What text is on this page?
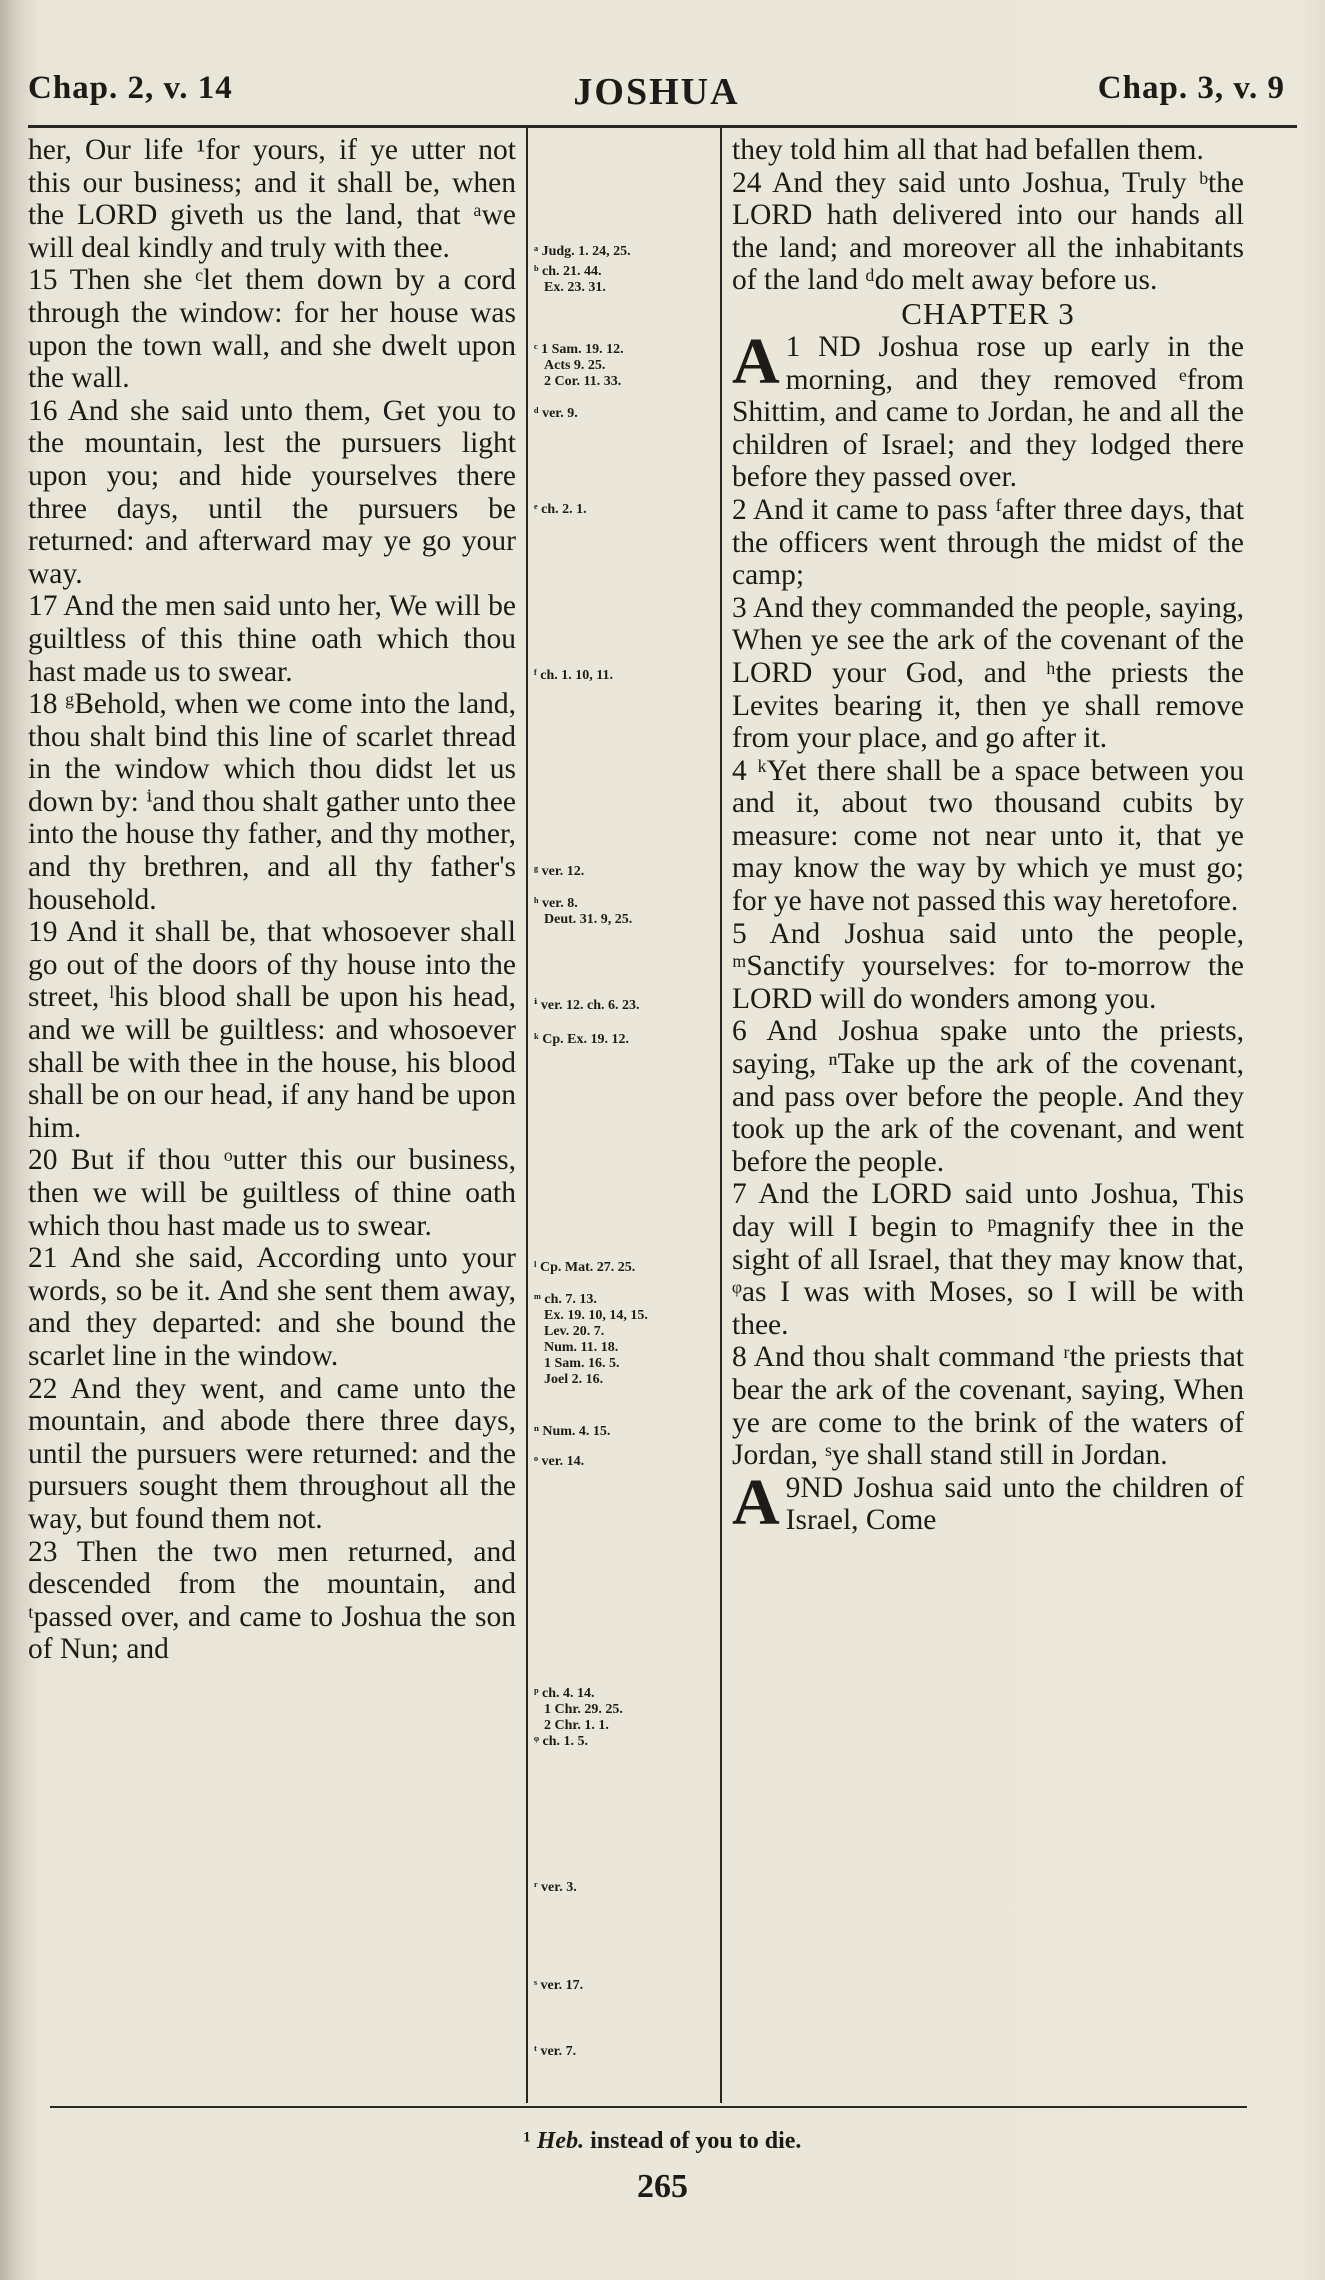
Chap. 2, v. 14	JOSHUA	Chap. 3, v. 9

her, Our life ¹for yours, if ye utter not this our business; and it shall be, when the LORD giveth us the land, that ᵃwe will deal kindly and truly with thee.

15 Then she ᶜlet them down by a cord through the window: for her house was upon the town wall, and she dwelt upon the wall.

16 And she said unto them, Get you to the mountain, lest the pursuers light upon you; and hide yourselves there three days, until the pursuers be returned: and afterward may ye go your way.

17 And the men said unto her, We will be guiltless of this thine oath which thou hast made us to swear.

18 ᵍBehold, when we come into the land, thou shalt bind this line of scarlet thread in the window which thou didst let us down by: ⁱand thou shalt gather unto thee into the house thy father, and thy mother, and thy brethren, and all thy father's household.

19 And it shall be, that whosoever shall go out of the doors of thy house into the street, ˡhis blood shall be upon his head, and we will be guiltless: and whosoever shall be with thee in the house, his blood shall be on our head, if any hand be upon him.

20 But if thou ᵒutter this our business, then we will be guiltless of thine oath which thou hast made us to swear.

21 And she said, According unto your words, so be it. And she sent them away, and they departed: and she bound the scarlet line in the window.

22 And they went, and came unto the mountain, and abode there three days, until the pursuers were returned: and the pursuers sought them throughout all the way, but found them not.

23 Then the two men returned, and descended from the mountain, and ᵗpassed over, and came to Joshua the son of Nun; and

ᵃ Judg. 1. 24, 25.
ᵇ ch. 21. 44.
Ex. 23. 31.
ᶜ 1 Sam. 19. 12.
Acts 9. 25.
2 Cor. 11. 33.
ᵈ ver. 9.
ᵉ ch. 2. 1.
ᶠ ch. 1. 10, 11.
ᵍ ver. 12.
ʰ ver. 8.
Deut. 31. 9, 25.
ⁱ ver. 12. ch. 6. 23.
ᵏ Cp. Ex. 19. 12.
ˡ Cp. Mat. 27. 25.
ᵐ ch. 7. 13.
Ex. 19. 10, 14, 15.
Lev. 20. 7.
Num. 11. 18.
1 Sam. 16. 5.
Joel 2. 16.
ⁿ Num. 4. 15.
ᵒ ver. 14.
ᵖ ch. 4. 14.
1 Chr. 29. 25.
2 Chr. 1. 1.
ᵠ ch. 1. 5.
ʳ ver. 3.
ˢ ver. 17.
ᵗ ver. 7.

they told him all that had befallen them.

24 And they said unto Joshua, Truly ᵇthe LORD hath delivered into our hands all the land; and moreover all the inhabitants of the land ᵈdo melt away before us.

CHAPTER 3

1
A ND Joshua rose up early in the morning, and they removed ᵉfrom Shittim, and came to Jordan, he and all the children of Israel; and they lodged there before they passed over.

2 And it came to pass ᶠafter three days, that the officers went through the midst of the camp;

3 And they commanded the people, saying, When ye see the ark of the covenant of the LORD your God, and ʰthe priests the Levites bearing it, then ye shall remove from your place, and go after it.

4 ᵏYet there shall be a space between you and it, about two thousand cubits by measure: come not near unto it, that ye may know the way by which ye must go; for ye have not passed this way heretofore.

5 And Joshua said unto the people, ᵐSanctify yourselves: for to-morrow the LORD will do wonders among you.

6 And Joshua spake unto the priests, saying, ⁿTake up the ark of the covenant, and pass over before the people. And they took up the ark of the covenant, and went before the people.

7 And the LORD said unto Joshua, This day will I begin to ᵖmagnify thee in the sight of all Israel, that they may know that, ᵠas I was with Moses, so I will be with thee.

8 And thou shalt command ʳthe priests that bear the ark of the covenant, saying, When ye are come to the brink of the waters of Jordan, ˢye shall stand still in Jordan.

9
A ND Joshua said unto the children of Israel, Come

¹ Heb. instead of you to die.
265
